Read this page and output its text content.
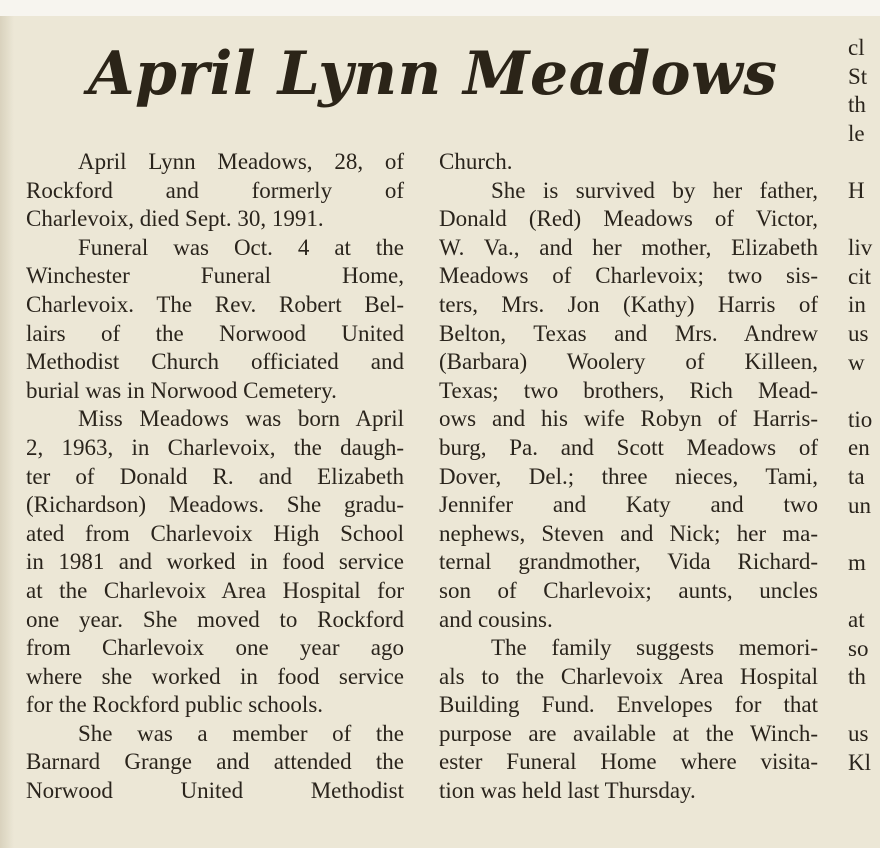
April Lynn Meadows
April Lynn Meadows, 28, of
Rockford and formerly of
Charlevoix, died Sept. 30, 1991.
Funeral was Oct. 4 at the
Winchester Funeral Home,
Charlevoix. The Rev. Robert Bel-
lairs of the Norwood United
Methodist Church officiated and
burial was in Norwood Cemetery.
Miss Meadows was born April
2, 1963, in Charlevoix, the daugh-
ter of Donald R. and Elizabeth
(Richardson) Meadows. She gradu-
ated from Charlevoix High School
in 1981 and worked in food service
at the Charlevoix Area Hospital for
one year. She moved to Rockford
from Charlevoix one year ago
where she worked in food service
for the Rockford public schools.
She was a member of the
Barnard Grange and attended the
Norwood United Methodist
Church.
She is survived by her father,
Donald (Red) Meadows of Victor,
W. Va., and her mother, Elizabeth
Meadows of Charlevoix; two sis-
ters, Mrs. Jon (Kathy) Harris of
Belton, Texas and Mrs. Andrew
(Barbara) Woolery of Killeen,
Texas; two brothers, Rich Mead-
ows and his wife Robyn of Harris-
burg, Pa. and Scott Meadows of
Dover, Del.; three nieces, Tami,
Jennifer and Katy and two
nephews, Steven and Nick; her ma-
ternal grandmother, Vida Richard-
son of Charlevoix; aunts, uncles
and cousins.
The family suggests memori-
als to the Charlevoix Area Hospital
Building Fund. Envelopes for that
purpose are available at the Winch-
ester Funeral Home where visita-
tion was held last Thursday.
cl
St
th
le
H
liv
cit
in
us
w
tio
en
ta
un
m
at
so
th
us
Kl
